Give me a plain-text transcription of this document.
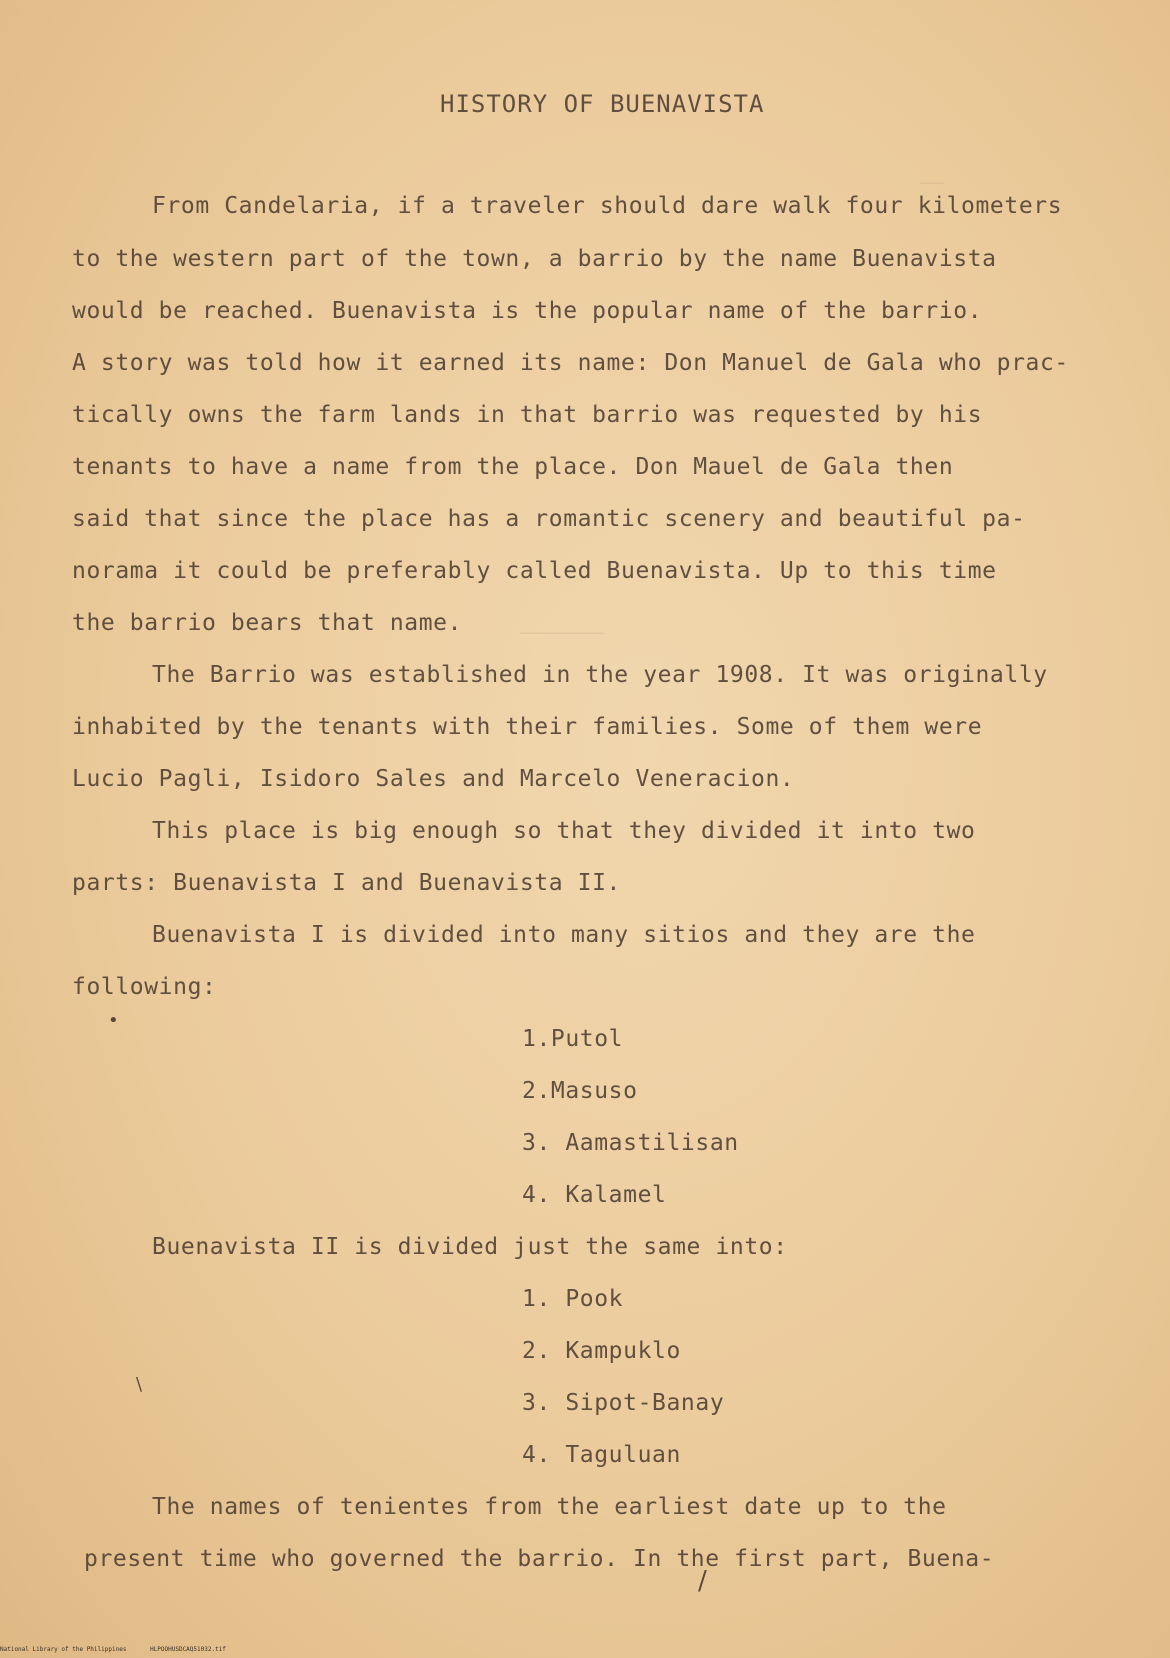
——
———————
HISTORY OF BUENAVISTA
From Candelaria, if a traveler should dare walk four kilometers
to the western part of the town, a barrio by the name Buenavista
would be reached. Buenavista is the popular name of the barrio.
A story was told how it earned its name: Don Manuel de Gala who prac-
tically owns the farm lands in that barrio was requested by his
tenants to have a name from the place. Don Mauel de Gala then
said that since the place has a romantic scenery and beautiful pa-
norama it could be preferably called Buenavista. Up to this time
the barrio bears that name.
The Barrio was established in the year 1908. It was originally
inhabited by the tenants with their families. Some of them were
Lucio Pagli, Isidoro Sales and Marcelo Veneracion.
This place is big enough so that they divided it into two
parts: Buenavista I and Buenavista II.
Buenavista I is divided into many sitios and they are the
following:
•
1.Putol
2.Masuso
3. Aamastilisan
4. Kalamel
Buenavista II is divided just the same into:
1. Pook
2. Kampuklo
\
3. Sipot-Banay
4. Taguluan
The names of tenientes from the earliest date up to the
present time who governed the barrio. In the first part, Buena-
/
National Library of the Philippines	HLPOOHUSDCAQ51032.tif
